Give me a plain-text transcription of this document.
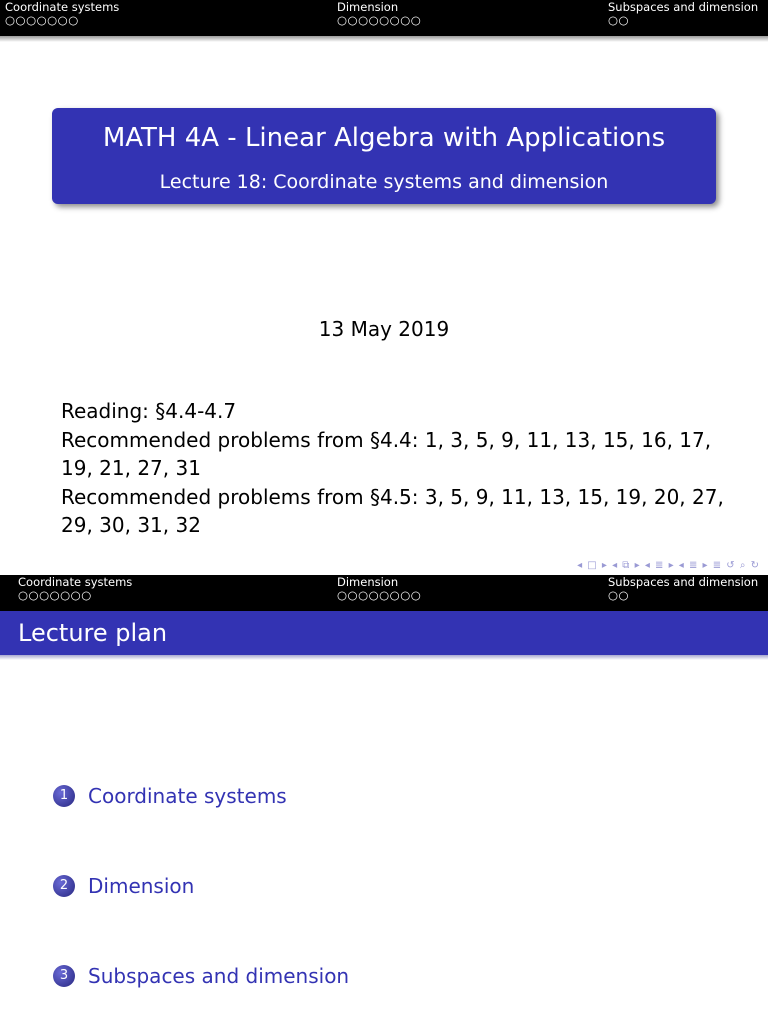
Coordinate systems
○○○○○○○
Dimension
○○○○○○○○
Subspaces and dimension
○○
MATH 4A - Linear Algebra with Applications
Lecture 18: Coordinate systems and dimension
13 May 2019
Reading: §4.4-4.7
Recommended problems from §4.4: 1, 3, 5, 9, 11, 13, 15, 16, 17,
19, 21, 27, 31
Recommended problems from §4.5: 3, 5, 9, 11, 13, 15, 19, 20, 27,
29, 30, 31, 32
◂ □ ▸ ◂ ⧉ ▸ ◂ ≣ ▸ ◂ ≣ ▸ ≣ ↺ ⌕ ↻
Coordinate systems
○○○○○○○
Dimension
○○○○○○○○
Subspaces and dimension
○○
Lecture plan
1 Coordinate systems
2 Dimension
3 Subspaces and dimension
